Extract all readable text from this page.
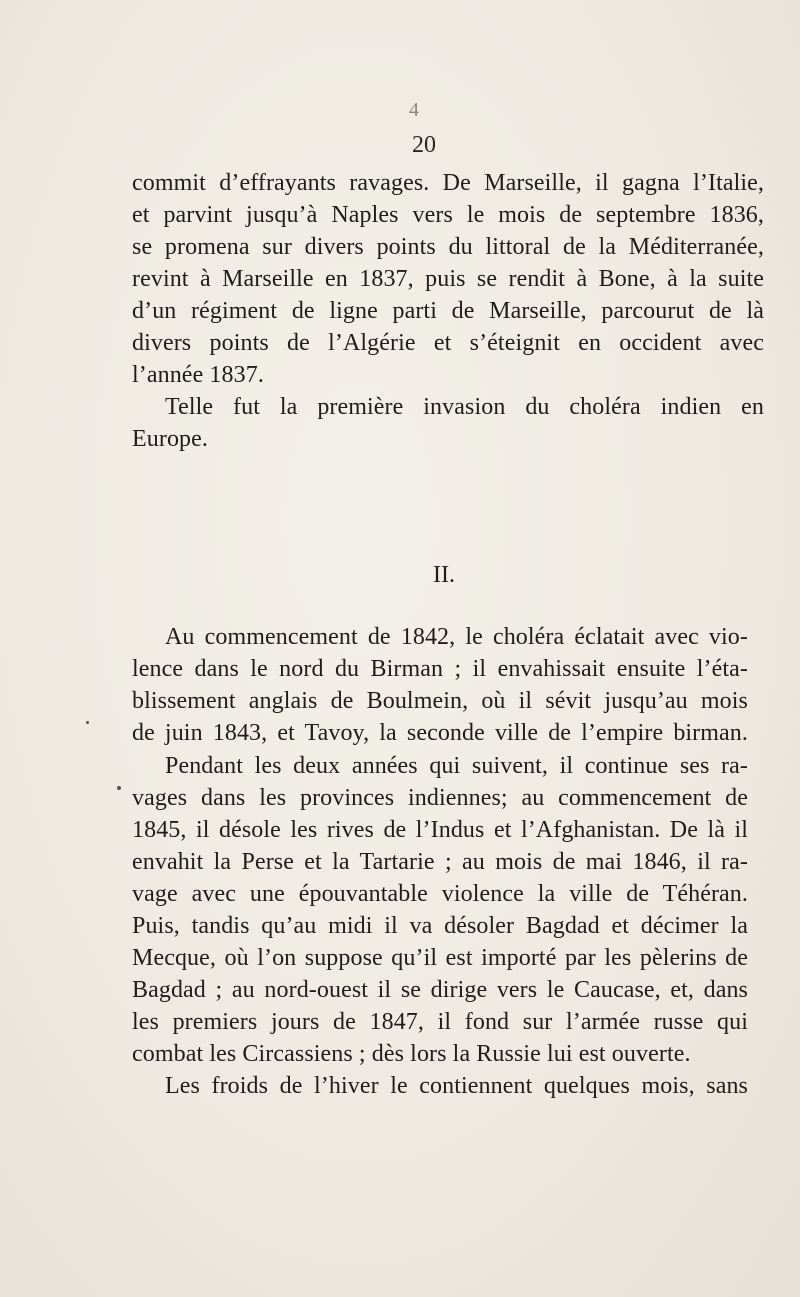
4
20
commit d’effrayants ravages. De Marseille, il gagna l’Italie,
et parvint jusqu’à Naples vers le mois de septembre 1836,
se promena sur divers points du littoral de la Méditerranée,
revint à Marseille en 1837, puis se rendit à Bone, à la suite
d’un régiment de ligne parti de Marseille, parcourut de là
divers points de l’Algérie et s’éteignit en occident avec
l’année 1837.
Telle fut la première invasion du choléra indien en
Europe.
II.
Au commencement de 1842, le choléra éclatait avec vio-
lence dans le nord du Birman ; il envahissait ensuite l’éta-
blissement anglais de Boulmein, où il sévit jusqu’au mois
de juin 1843, et Tavoy, la seconde ville de l’empire birman.
Pendant les deux années qui suivent, il continue ses ra-
vages dans les provinces indiennes; au commencement de
1845, il désole les rives de l’Indus et l’Afghanistan. De là il
envahit la Perse et la Tartarie ; au mois de mai 1846, il ra-
vage avec une épouvantable violence la ville de Téhéran.
Puis, tandis qu’au midi il va désoler Bagdad et décimer la
Mecque, où l’on suppose qu’il est importé par les pèlerins de
Bagdad ; au nord-ouest il se dirige vers le Caucase, et, dans
les premiers jours de 1847, il fond sur l’armée russe qui
combat les Circassiens ; dès lors la Russie lui est ouverte.
Les froids de l’hiver le contiennent quelques mois, sans
